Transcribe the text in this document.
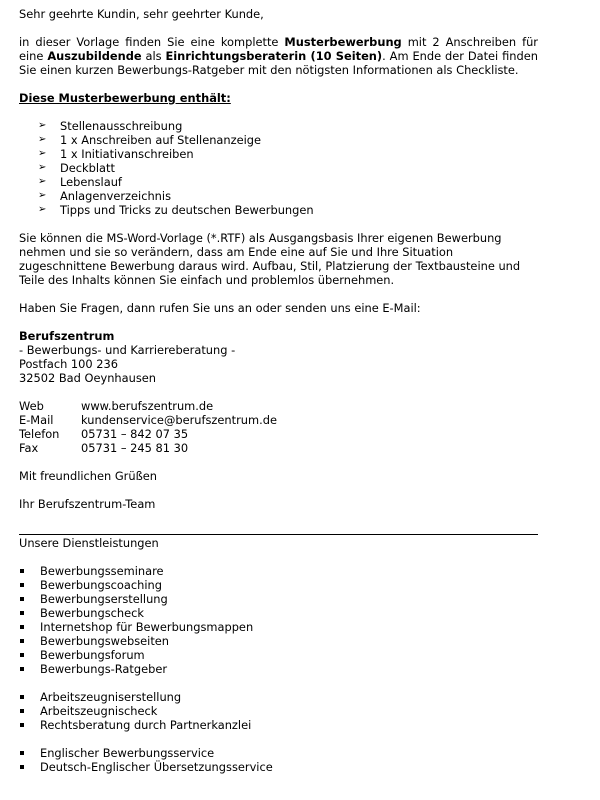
Sehr geehrte Kundin, sehr geehrter Kunde,

in dieser Vorlage finden Sie eine komplette Musterbewerbung mit 2 Anschreiben für eine Auszubildende als Einrichtungsberaterin (10 Seiten). Am Ende der Datei finden Sie einen kurzen Bewerbungs-Ratgeber mit den nötigsten Informationen als Checkliste.

Diese Musterbewerbung enthält:

➢ Stellenausschreibung
➢ 1 x Anschreiben auf Stellenanzeige
➢ 1 x Initiativanschreiben
➢ Deckblatt
➢ Lebenslauf
➢ Anlagenverzeichnis
➢ Tipps und Tricks zu deutschen Bewerbungen

Sie können die MS-Word-Vorlage (*.RTF) als Ausgangsbasis Ihrer eigenen Bewerbung nehmen und sie so verändern, dass am Ende eine auf Sie und Ihre Situation zugeschnittene Bewerbung daraus wird. Aufbau, Stil, Platzierung der Textbausteine und Teile des Inhalts können Sie einfach und problemlos übernehmen.

Haben Sie Fragen, dann rufen Sie uns an oder senden uns eine E-Mail:

Berufszentrum

- Bewerbungs- und Karriereberatung -

Postfach 100 236

32502 Bad Oeynhausen

Web	www.berufszentrum.de
E-Mail	kundenservice@berufszentrum.de
Telefon	05731 – 842 07 35
Fax	05731 – 245 81 30

Mit freundlichen Grüßen

Ihr Berufszentrum-Team

Unsere Dienstleistungen

Bewerbungsseminare
Bewerbungscoaching
Bewerbungserstellung
Bewerbungscheck
Internetshop für Bewerbungsmappen
Bewerbungswebseiten
Bewerbungsforum
Bewerbungs-Ratgeber
Arbeitszeugniserstellung
Arbeitszeugnischeck
Rechtsberatung durch Partnerkanzlei
Englischer Bewerbungsservice
Deutsch-Englischer Übersetzungsservice
